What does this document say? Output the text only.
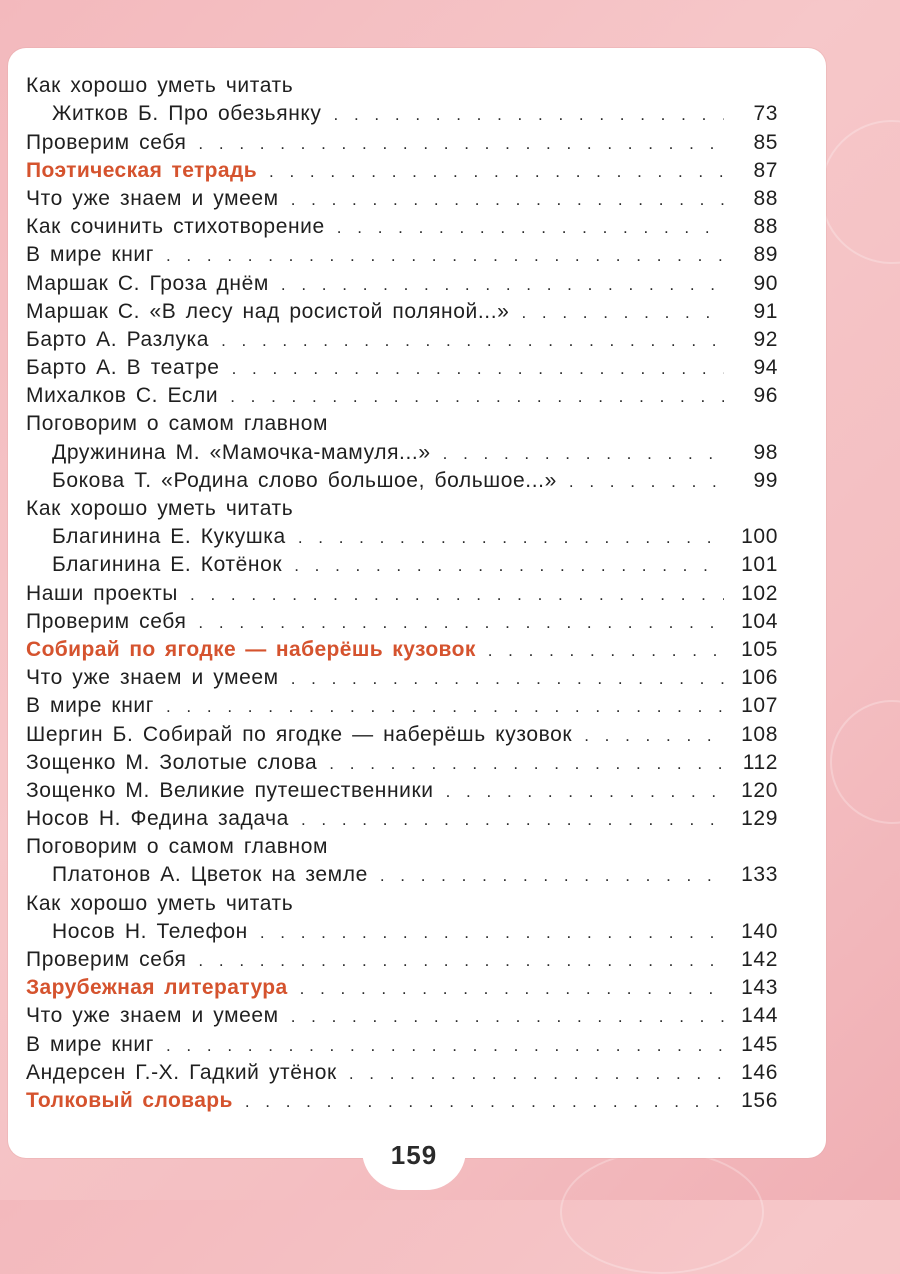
Как хорошо уметь читать
Житков Б. Про обезьянку . . .	73
Проверим себя . . .	85
Поэтическая тетрадь . . .	87
Что уже знаем и умеем . . .	88
Как сочинить стихотворение . . .	88
В мире книг . . .	89
Маршак С. Гроза днём . . .	90
Маршак С. «В лесу над росистой поляной...» . . .	91
Барто А. Разлука . . .	92
Барто А. В театре . . .	94
Михалков С. Если . . .	96
Поговорим о самом главном
Дружинина М. «Мамочка-мамуля...» . . .	98
Бокова Т. «Родина слово большое, большое...» . . .	99
Как хорошо уметь читать
Благинина Е. Кукушка . . .	100
Благинина Е. Котёнок . . .	101
Наши проекты . . .	102
Проверим себя . . .	104
Собирай по ягодке — наберёшь кузовок . . .	105
Что уже знаем и умеем . . .	106
В мире книг . . .	107
Шергин Б. Собирай по ягодке — наберёшь кузовок . . .	108
Зощенко М. Золотые слова . . .	112
Зощенко М. Великие путешественники . . .	120
Носов Н. Федина задача . . .	129
Поговорим о самом главном
Платонов А. Цветок на земле . . .	133
Как хорошо уметь читать
Носов Н. Телефон . . .	140
Проверим себя . . .	142
Зарубежная литература . . .	143
Что уже знаем и умеем . . .	144
В мире книг . . .	145
Андерсен Г.-Х. Гадкий утёнок . . .	146
Толковый словарь . . .	156
159
